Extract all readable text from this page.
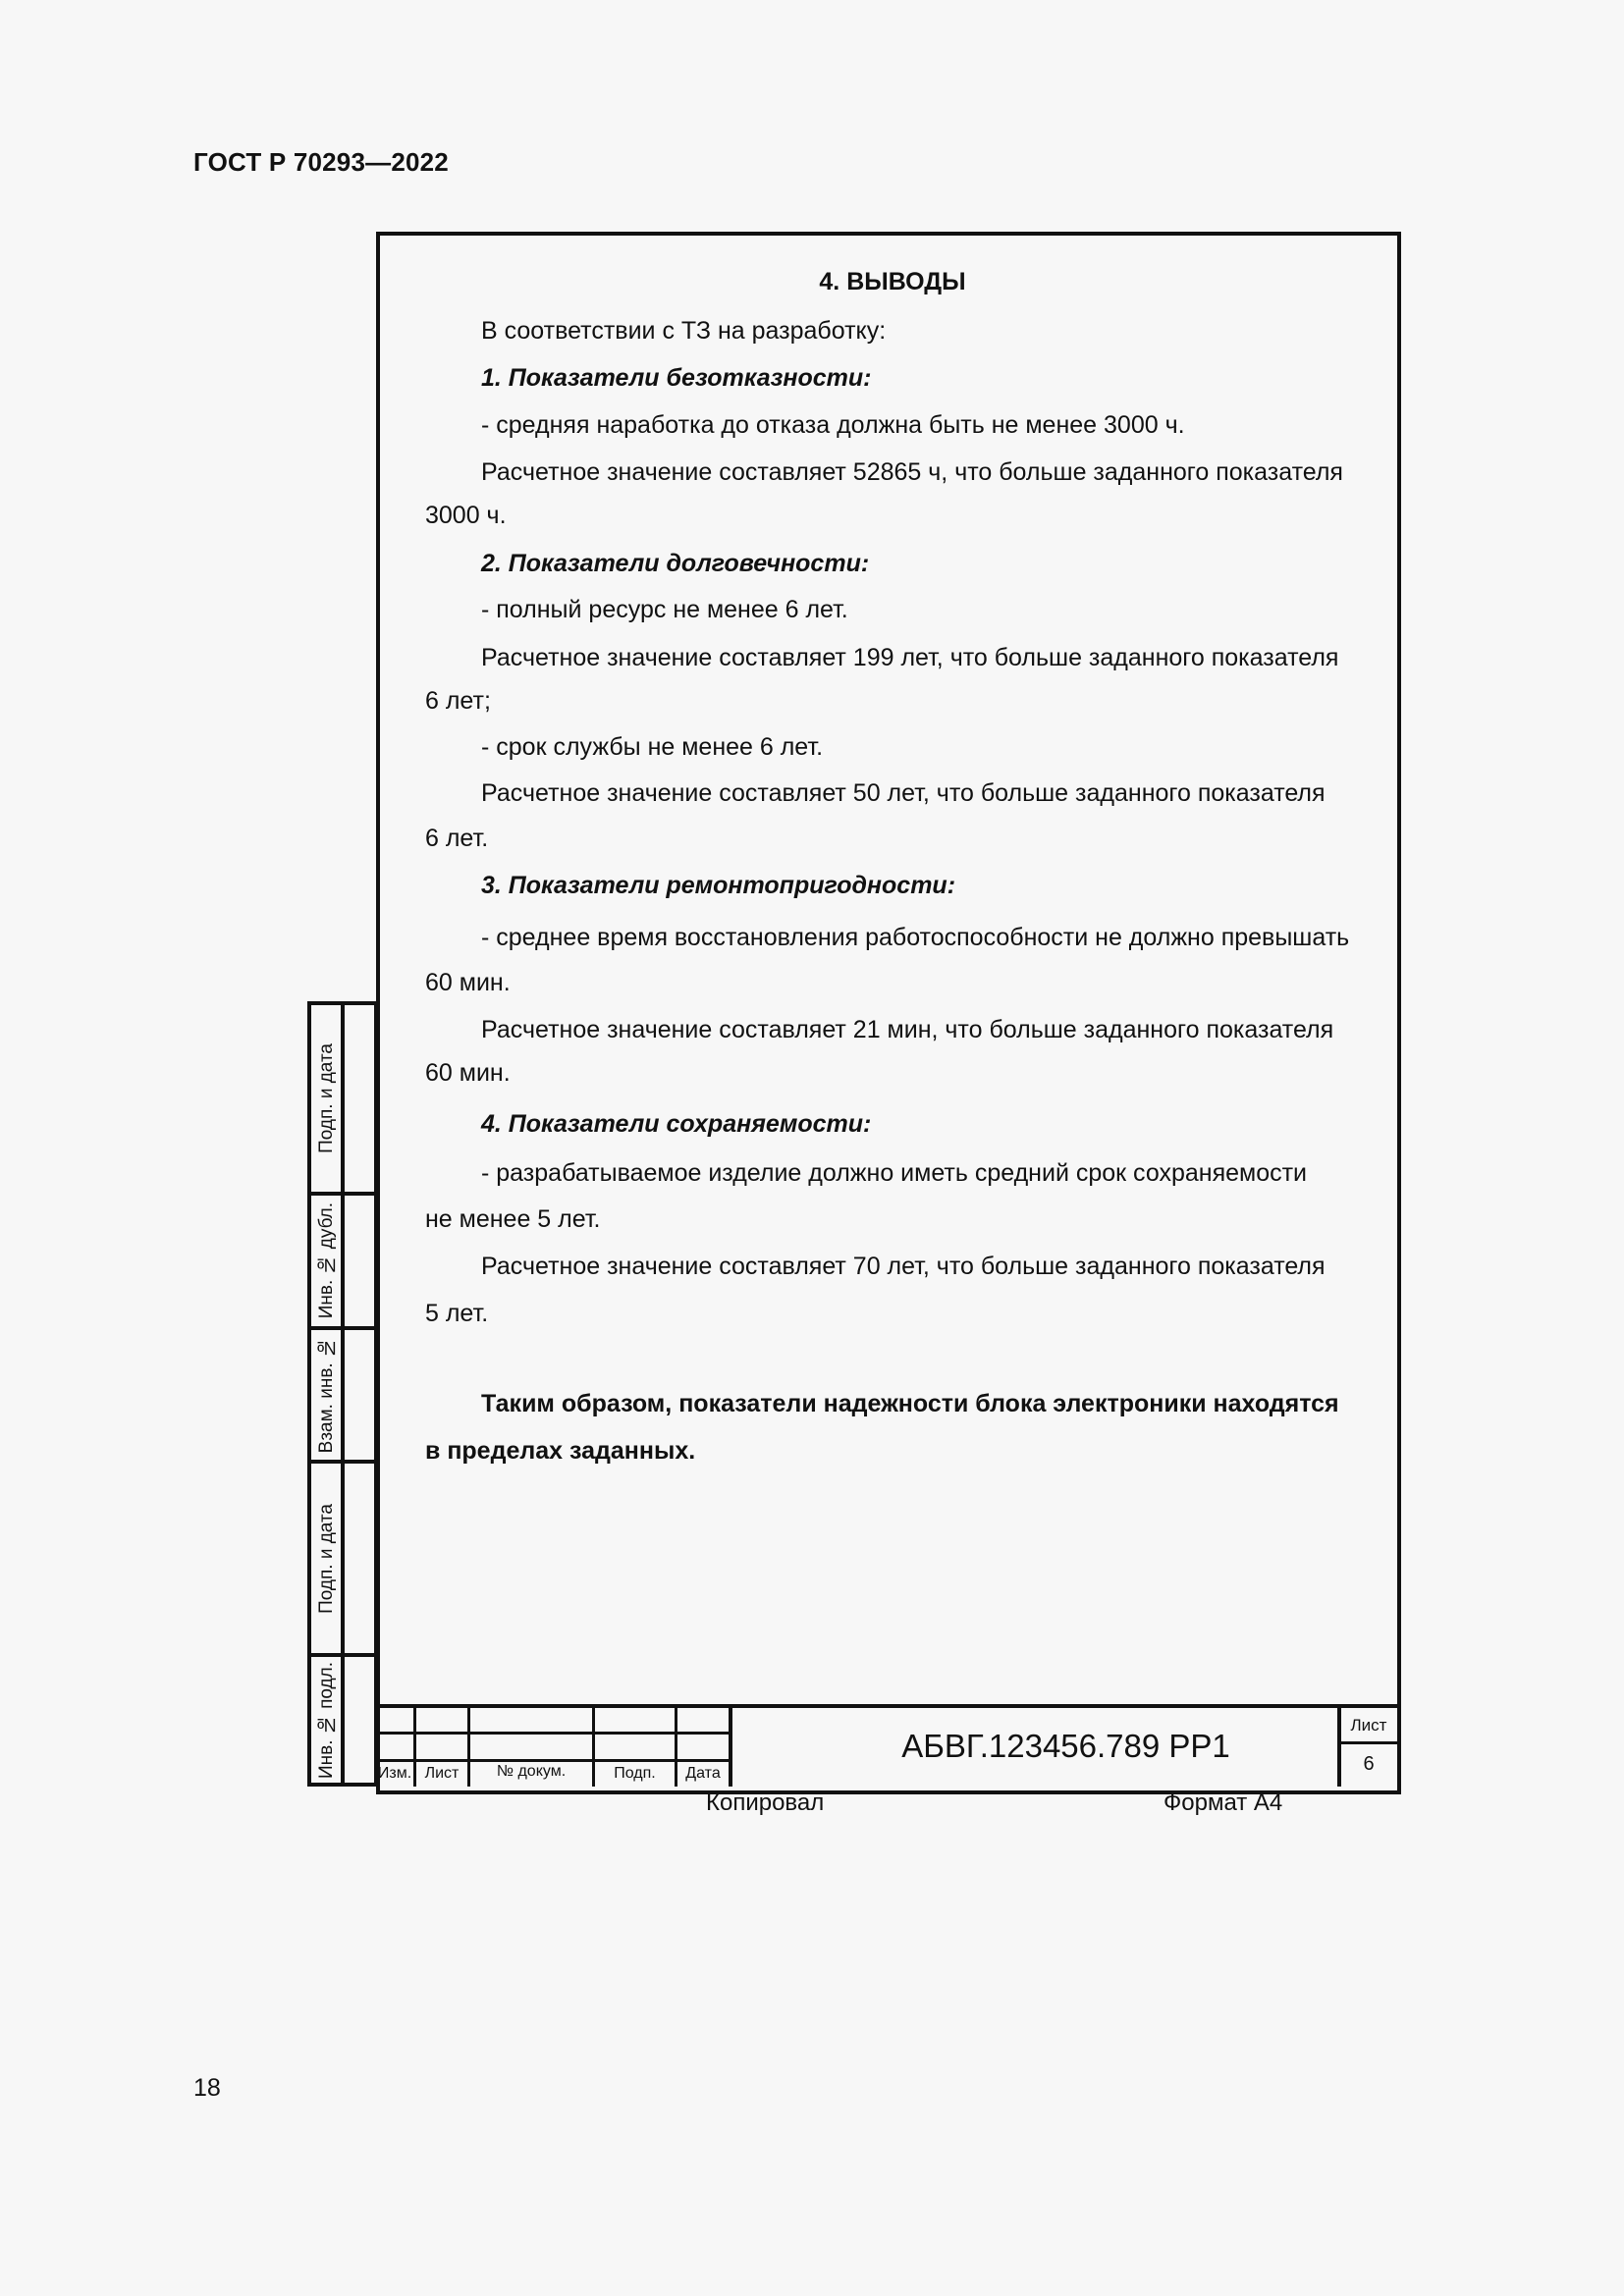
ГОСТ Р 70293—2022

4. ВЫВОДЫ

В соответствии с ТЗ на разработку:

1. Показатели безотказности:

- средняя наработка до отказа должна быть не менее 3000 ч.

Расчетное значение составляет 52865 ч, что больше заданного показателя

3000 ч.

2. Показатели долговечности:

- полный ресурс не менее 6 лет.

Расчетное значение составляет 199 лет, что больше заданного показателя

6 лет;

- срок службы не менее 6 лет.

Расчетное значение составляет 50 лет, что больше заданного показателя

6 лет.

3. Показатели ремонтопригодности:

- среднее время восстановления работоспособности не должно превышать

60 мин.

Расчетное значение составляет 21 мин, что больше заданного показателя

60 мин.

4. Показатели сохраняемости:

- разрабатываемое изделие должно иметь средний срок сохраняемости

не менее 5 лет.

Расчетное значение составляет 70 лет, что больше заданного показателя

5 лет.

Таким образом, показатели надежности блока электроники находятся

в пределах заданных.

Подп. и дата
Инв. № дубл.
Взам. инв. №
Подп. и дата
Инв. № подл.	Изм. Лист	№ докум.	Подп.	Дата
АБВГ.123456.789 РР1
Лист
6
Копировал	Формат А4
18
